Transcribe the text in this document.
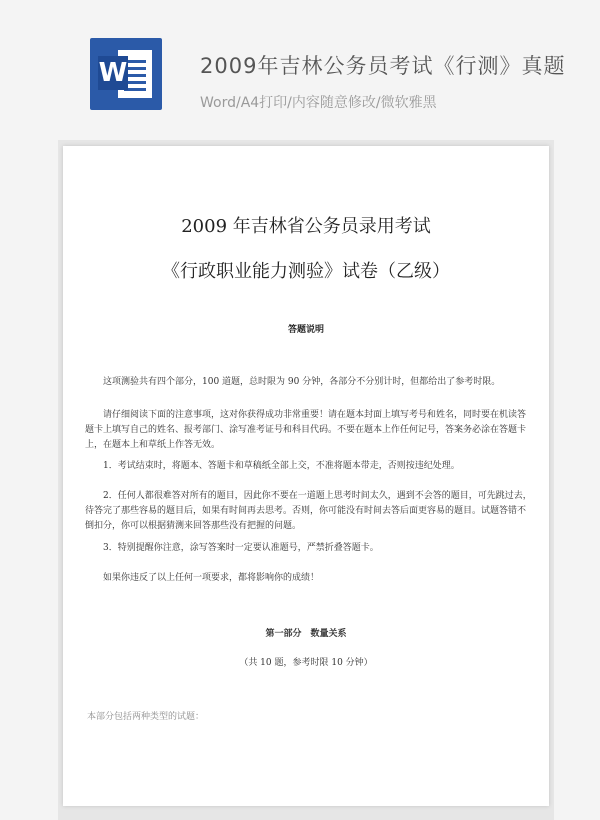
W	2009年吉林公务员考试《行测》真题
Word/A4打印/内容随意修改/微软雅黑
2009 年吉林省公务员录用考试
《行政职业能力测验》试卷（乙级）
答题说明
这项测验共有四个部分，100 道题，总时限为 90 分钟，各部分不分别计时，但都给出了参考时限。
请仔细阅读下面的注意事项，这对你获得成功非常重要！请在题本封面上填写考号和姓名，同时要在机读答题卡上填写自己的姓名、报考部门、涂写准考证号和科目代码。不要在题本上作任何记号，答案务必涂在答题卡上，在题本上和草纸上作答无效。
1．考试结束时，将题本、答题卡和草稿纸全部上交，不准将题本带走，否则按违纪处理。
2．任何人都很难答对所有的题目，因此你不要在一道题上思考时间太久，遇到不会答的题目，可先跳过去，待答完了那些容易的题目后，如果有时间再去思考。否则，你可能没有时间去答后面更容易的题目。试题答错不倒扣分，你可以根据猜测来回答那些没有把握的问题。
3．特别提醒你注意，涂写答案时一定要认准题号，严禁折叠答题卡。
如果你违反了以上任何一项要求，都将影响你的成绩！
第一部分　数量关系
（共 10 题，参考时限 10 分钟）
本部分包括两种类型的试题：
